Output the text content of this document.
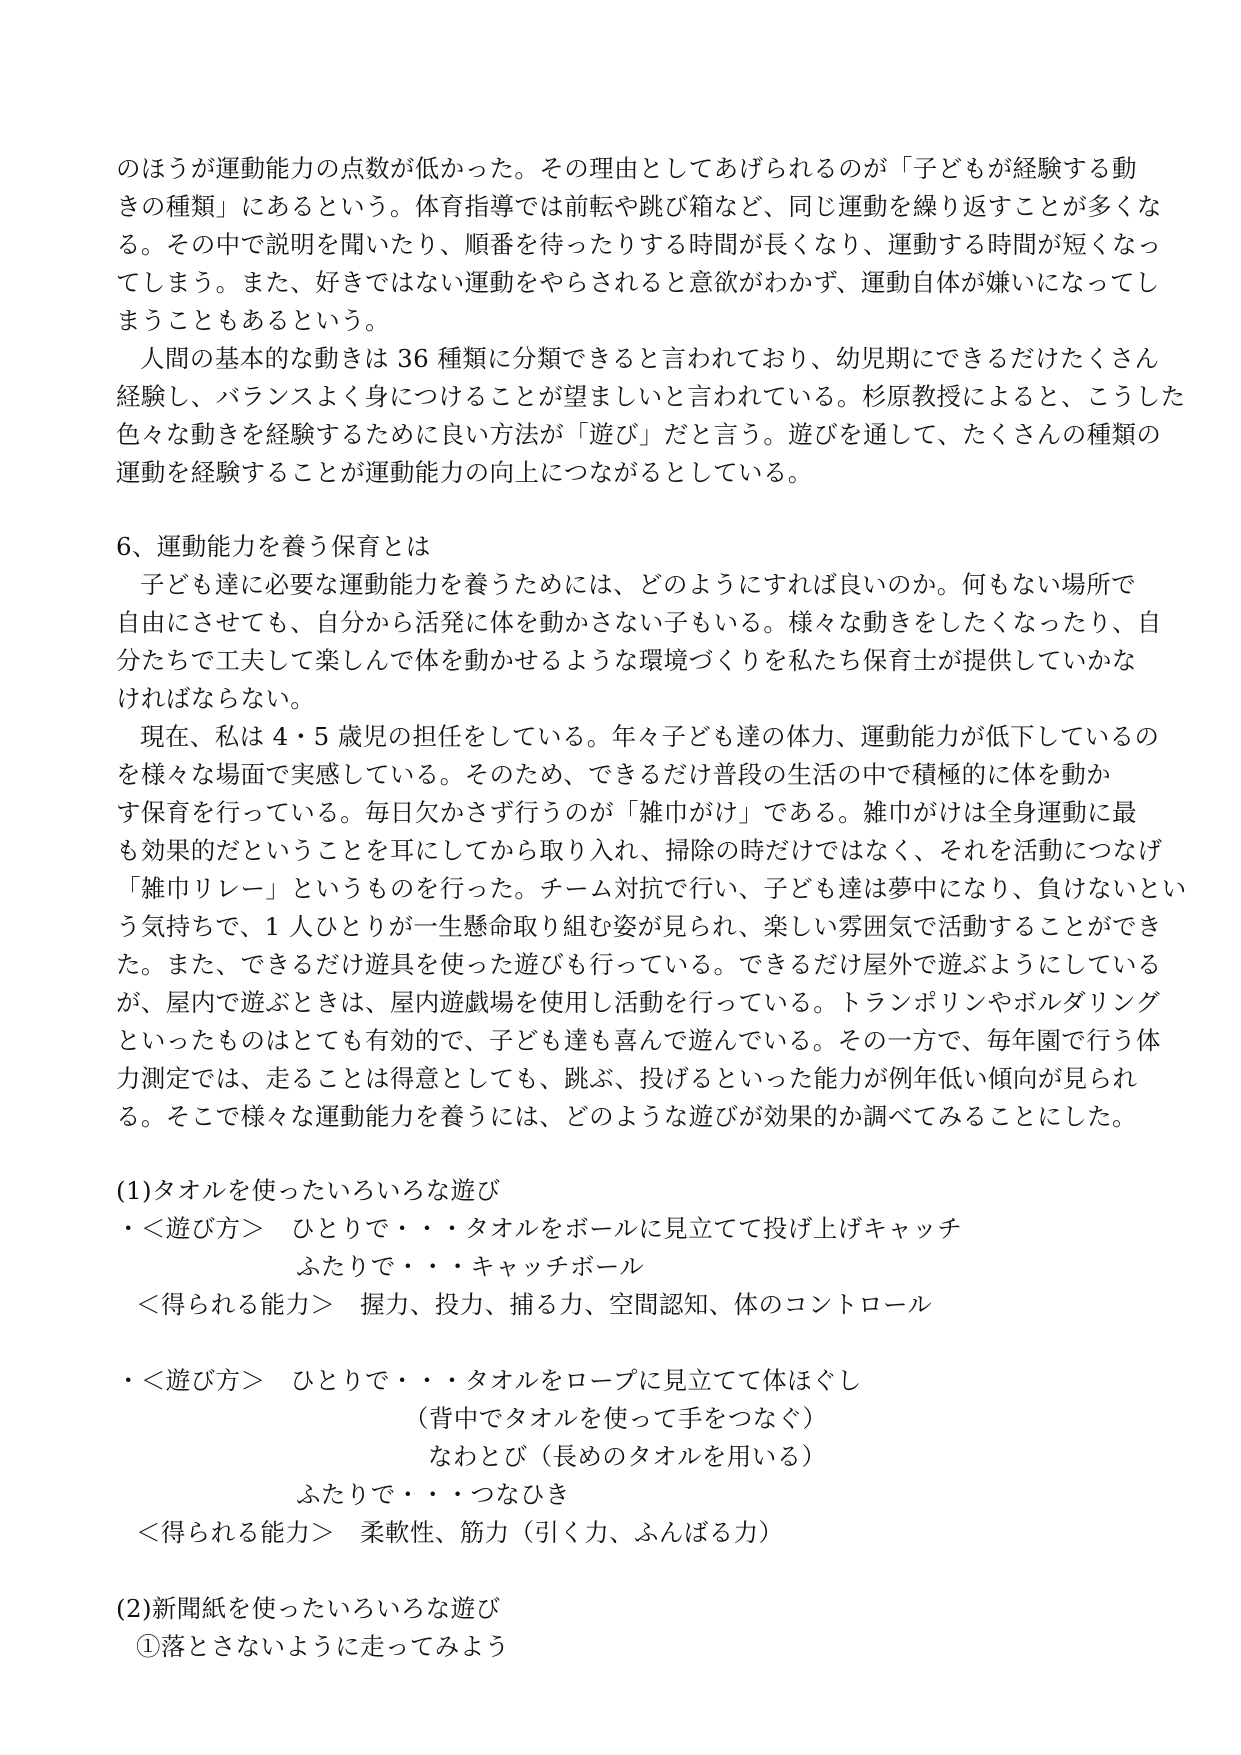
のほうが運動能力の点数が低かった。その理由としてあげられるのが「子どもが経験する動
きの種類」にあるという。体育指導では前転や跳び箱など、同じ運動を繰り返すことが多くな
る。その中で説明を聞いたり、順番を待ったりする時間が長くなり、運動する時間が短くなっ
てしまう。また、好きではない運動をやらされると意欲がわかず、運動自体が嫌いになってし
まうこともあるという。
人間の基本的な動きは 36 種類に分類できると言われており、幼児期にできるだけたくさん
経験し、バランスよく身につけることが望ましいと言われている。杉原教授によると、こうした
色々な動きを経験するために良い方法が「遊び」だと言う。遊びを通して、たくさんの種類の
運動を経験することが運動能力の向上につながるとしている。
6、運動能力を養う保育とは
子ども達に必要な運動能力を養うためには、どのようにすれば良いのか。何もない場所で
自由にさせても、自分から活発に体を動かさない子もいる。様々な動きをしたくなったり、自
分たちで工夫して楽しんで体を動かせるような環境づくりを私たち保育士が提供していかな
ければならない。
現在、私は 4・5 歳児の担任をしている。年々子ども達の体力、運動能力が低下しているの
を様々な場面で実感している。そのため、できるだけ普段の生活の中で積極的に体を動か
す保育を行っている。毎日欠かさず行うのが「雑巾がけ」である。雑巾がけは全身運動に最
も効果的だということを耳にしてから取り入れ、掃除の時だけではなく、それを活動につなげ
「雑巾リレー」というものを行った。チーム対抗で行い、子ども達は夢中になり、負けないとい
う気持ちで、1 人ひとりが一生懸命取り組む姿が見られ、楽しい雰囲気で活動することができ
た。また、できるだけ遊具を使った遊びも行っている。できるだけ屋外で遊ぶようにしている
が、屋内で遊ぶときは、屋内遊戯場を使用し活動を行っている。トランポリンやボルダリング
といったものはとても有効的で、子ども達も喜んで遊んでいる。その一方で、毎年園で行う体
力測定では、走ることは得意としても、跳ぶ、投げるといった能力が例年低い傾向が見られ
る。そこで様々な運動能力を養うには、どのような遊びが効果的か調べてみることにした。
(1)タオルを使ったいろいろな遊び
・＜遊び方＞　ひとりで・・・タオルをボールに見立てて投げ上げキャッチ
ふたりで・・・キャッチボール
＜得られる能力＞　握力、投力、捕る力、空間認知、体のコントロール
・＜遊び方＞　ひとりで・・・タオルをロープに見立てて体ほぐし
（背中でタオルを使って手をつなぐ）
なわとび（長めのタオルを用いる）
ふたりで・・・つなひき
＜得られる能力＞　柔軟性、筋力（引く力、ふんばる力）
(2)新聞紙を使ったいろいろな遊び
①落とさないように走ってみよう
